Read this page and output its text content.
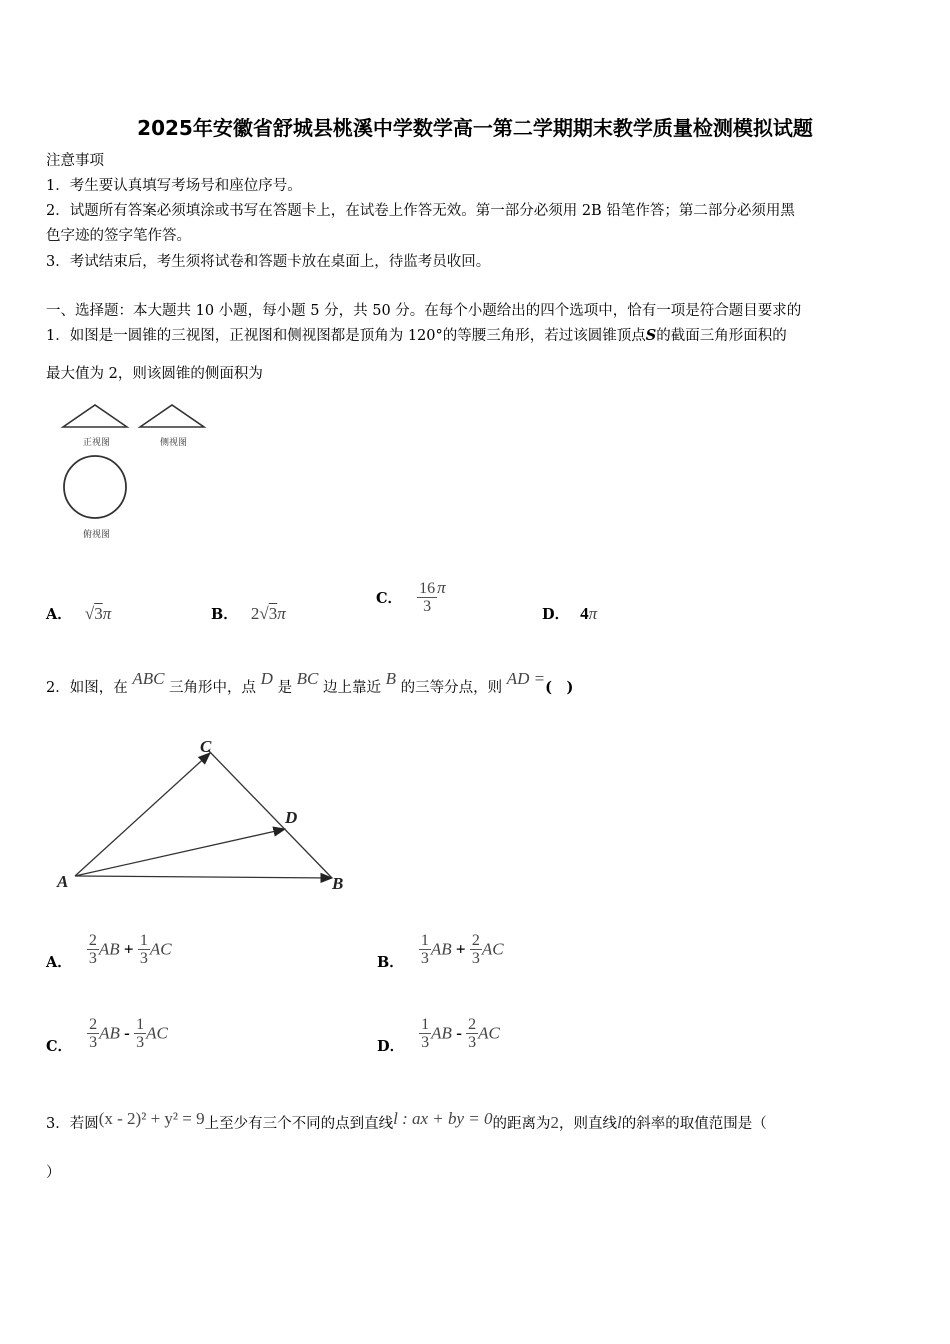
2025年安徽省舒城县桃溪中学数学高一第二学期期末教学质量检测模拟试题
注意事项
1．考生要认真填写考场号和座位序号。
2．试题所有答案必须填涂或书写在答题卡上，在试卷上作答无效。第一部分必须用 2B 铅笔作答；第二部分必须用黑
色字迹的签字笔作答。
3．考试结束后，考生须将试卷和答题卡放在桌面上，待监考员收回。
一、选择题：本大题共 10 小题，每小题 5 分，共 50 分。在每个小题给出的四个选项中，恰有一项是符合题目要求的
1．如图是一圆锥的三视图，正视图和侧视图都是顶角为 120°的等腰三角形，若过该圆锥顶点S的截面三角形面积的
最大值为 2，则该圆锥的侧面积为
正视图	侧视图
俯视图
A． √3π	B． 2√3π
C． $\frac{16}{3}$ π
D． 4π
2．如图，在 ABC 三角形中，点 D 是 BC 边上靠近 B 的三等分点，则 AD =(　)
C
D
A	B
A． $\frac{2}{3}$ AB + $\frac{1}{3}$ AC
B． $\frac{1}{3}$ AB + $\frac{2}{3}$ AC
C． $\frac{2}{3}$ AB - $\frac{1}{3}$ AC
D． $\frac{1}{3}$ AB - $\frac{2}{3}$ AC
3．若圆(x - 2)² + y² = 9上至少有三个不同的点到直线l : ax + by = 0的距离为2，则直线l的斜率的取值范围是（
）
